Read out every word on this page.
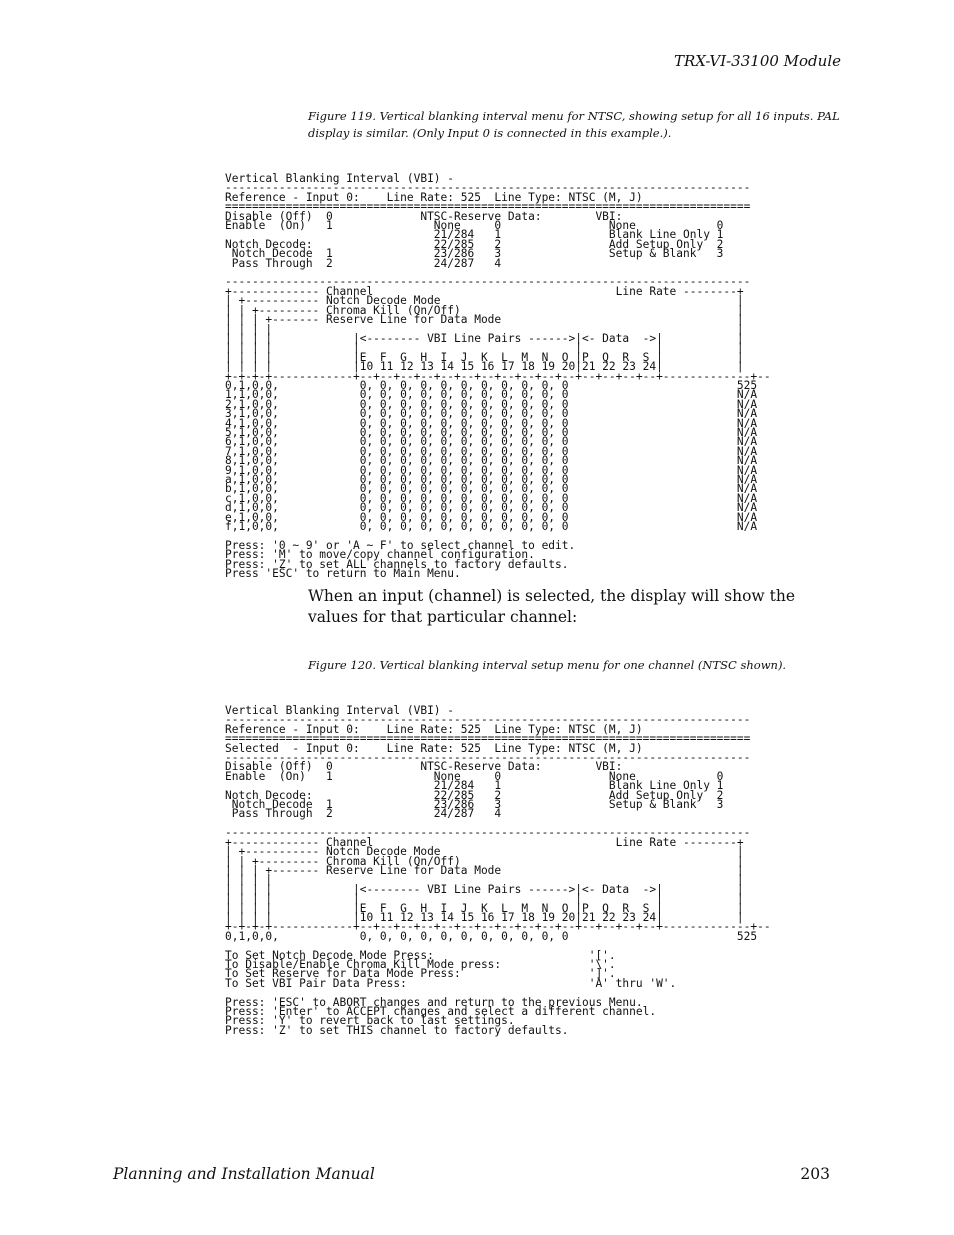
TRX-VI-33100 Module

Figure 119. Vertical blanking interval menu for NTSC, showing setup for all 16 inputs. PAL display is similar. (Only Input 0 is connected in this example.).

Vertical Blanking Interval (VBI) -
------------------------------------------------------------------------------
Reference - Input 0:    Line Rate: 525  Line Type: NTSC (M, J)
==============================================================================
Disable (Off)  0             NTSC-Reserve Data:        VBI:
Enable  (On)   1               None     0                None            0
21/284   1                Blank Line Only 1
Notch Decode:                  22/285   2                Add Setup Only  2
Notch Decode  1               23/286   3                Setup & Blank   3
Pass Through  2               24/287   4

------------------------------------------------------------------------------
+------------- Channel                                    Line Rate --------+
| +----------- Notch Decode Mode                                            |
| | +--------- Chroma Kill (On/Off)                                         |
| | | +------- Reserve Line for Data Mode                                   |
| | | |                                                                     |
| | | |            |<-------- VBI Line Pairs ------>|<- Data  ->|           |
| | | |            |                                |           |           |
| | | |            |E  F  G  H  I  J  K  L  M  N  O |P  Q  R  S |           |
| | | |            |10 11 12 13 14 15 16 17 18 19 20|21 22 23 24|           |
+-+-+-+------------+--+--+--+--+--+--+--+--+--+--+--+--+--+--+--+-------------+--
0,1,0,0,            0, 0, 0, 0, 0, 0, 0, 0, 0, 0, 0                         525
1,1,0,0,            0, 0, 0, 0, 0, 0, 0, 0, 0, 0, 0                         N/A
2,1,0,0,            0, 0, 0, 0, 0, 0, 0, 0, 0, 0, 0                         N/A
3,1,0,0,            0, 0, 0, 0, 0, 0, 0, 0, 0, 0, 0                         N/A
4,1,0,0,            0, 0, 0, 0, 0, 0, 0, 0, 0, 0, 0                         N/A
5,1,0,0,            0, 0, 0, 0, 0, 0, 0, 0, 0, 0, 0                         N/A
6,1,0,0,            0, 0, 0, 0, 0, 0, 0, 0, 0, 0, 0                         N/A
7,1,0,0,            0, 0, 0, 0, 0, 0, 0, 0, 0, 0, 0                         N/A
8,1,0,0,            0, 0, 0, 0, 0, 0, 0, 0, 0, 0, 0                         N/A
9,1,0,0,            0, 0, 0, 0, 0, 0, 0, 0, 0, 0, 0                         N/A
a,1,0,0,            0, 0, 0, 0, 0, 0, 0, 0, 0, 0, 0                         N/A
b,1,0,0,            0, 0, 0, 0, 0, 0, 0, 0, 0, 0, 0                         N/A
c,1,0,0,            0, 0, 0, 0, 0, 0, 0, 0, 0, 0, 0                         N/A
d,1,0,0,            0, 0, 0, 0, 0, 0, 0, 0, 0, 0, 0                         N/A
e,1,0,0,            0, 0, 0, 0, 0, 0, 0, 0, 0, 0, 0                         N/A
f,1,0,0,            0, 0, 0, 0, 0, 0, 0, 0, 0, 0, 0                         N/A

Press: '0 ~ 9' or 'A ~ F' to select channel to edit.
Press: 'M' to move/copy channel configuration.
Press: 'Z' to set ALL channels to factory defaults.
Press 'ESC' to return to Main Menu.

When an input (channel) is selected, the display will show the values for that particular channel:

Figure 120. Vertical blanking interval setup menu for one channel (NTSC shown).

Vertical Blanking Interval (VBI) -
------------------------------------------------------------------------------
Reference - Input 0:    Line Rate: 525  Line Type: NTSC (M, J)
==============================================================================
Selected  - Input 0:    Line Rate: 525  Line Type: NTSC (M, J)
------------------------------------------------------------------------------
Disable (Off)  0             NTSC-Reserve Data:        VBI:
Enable  (On)   1               None     0                None            0
21/284   1                Blank Line Only 1
Notch Decode:                  22/285   2                Add Setup Only  2
Notch Decode  1               23/286   3                Setup & Blank   3
Pass Through  2               24/287   4

------------------------------------------------------------------------------
+------------- Channel                                    Line Rate --------+
| +----------- Notch Decode Mode                                            |
| | +--------- Chroma Kill (On/Off)                                         |
| | | +------- Reserve Line for Data Mode                                   |
| | | |                                                                     |
| | | |            |<-------- VBI Line Pairs ------>|<- Data  ->|           |
| | | |            |                                |           |           |
| | | |            |E  F  G  H  I  J  K  L  M  N  O |P  Q  R  S |           |
| | | |            |10 11 12 13 14 15 16 17 18 19 20|21 22 23 24|           |
+-+-+-+------------+--+--+--+--+--+--+--+--+--+--+--+--+--+--+--+-------------+--
0,1,0,0,            0, 0, 0, 0, 0, 0, 0, 0, 0, 0, 0                         525

To Set Notch Decode Mode Press:                       '['.
To Disable/Enable Chroma Kill Mode press:             '\'.
To Set Reserve for Data Mode Press:                   ']'.
To Set VBI Pair Data Press:                           'A' thru 'W'.

Press: 'ESC' to ABORT changes and return to the previous Menu.
Press: 'Enter' to ACCEPT changes and select a different channel.
Press: 'Y' to revert back to last settings.
Press: 'Z' to set THIS channel to factory defaults.

Planning and Installation Manual	203
